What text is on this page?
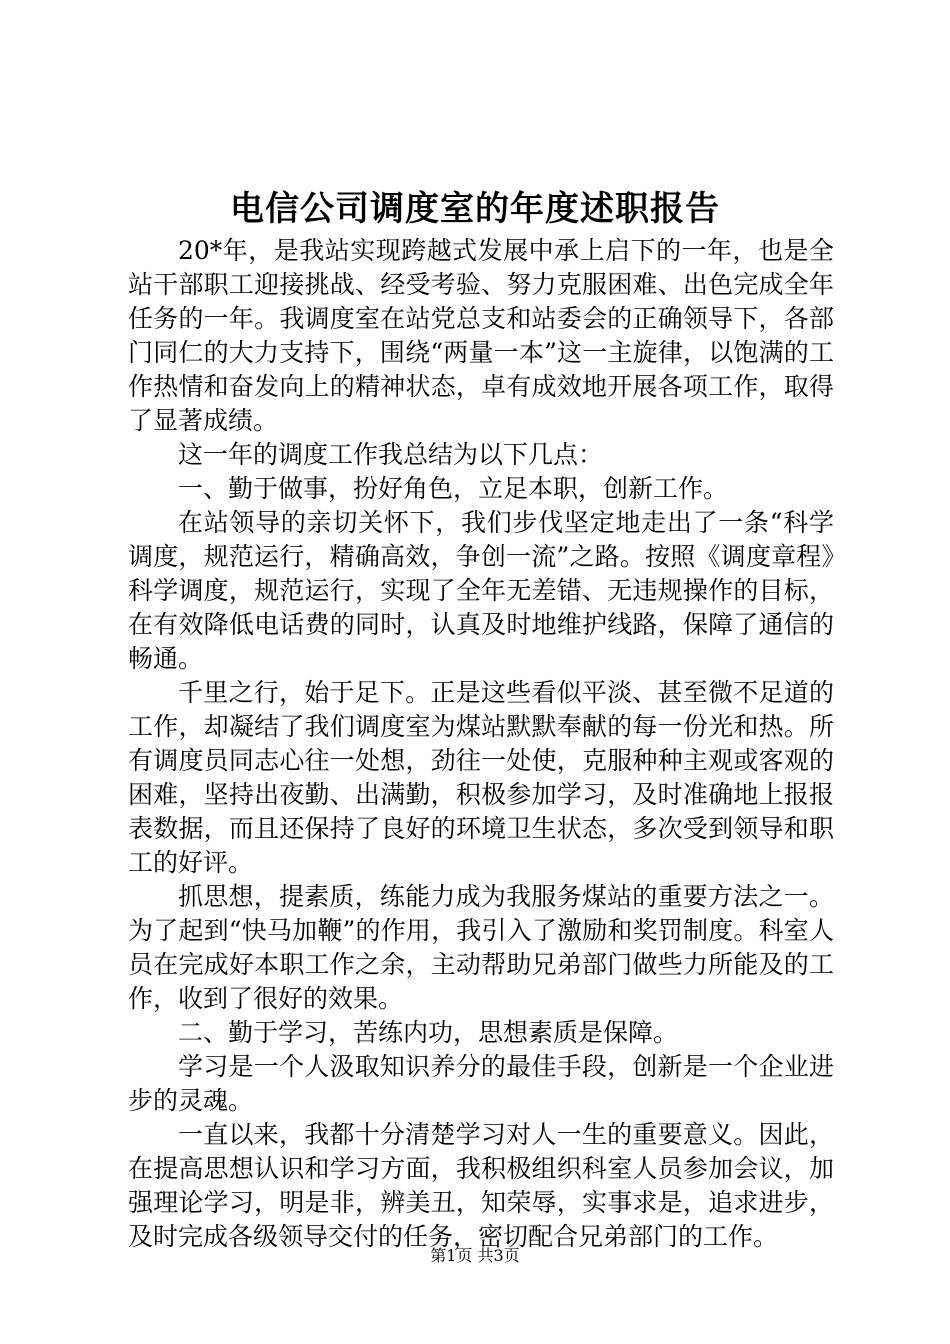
电信公司调度室的年度述职报告

20*年，是我站实现跨越式发展中承上启下的一年，也是全站干部职工迎接挑战、经受考验、努力克服困难、出色完成全年任务的一年。我调度室在站党总支和站委会的正确领导下，各部门同仁的大力支持下，围绕“两量一本”这一主旋律，以饱满的工作热情和奋发向上的精神状态，卓有成效地开展各项工作，取得了显著成绩。

这一年的调度工作我总结为以下几点：

一、勤于做事，扮好角色，立足本职，创新工作。

在站领导的亲切关怀下，我们步伐坚定地走出了一条“科学调度，规范运行，精确高效，争创一流”之路。按照《调度章程》科学调度，规范运行，实现了全年无差错、无违规操作的目标，在有效降低电话费的同时，认真及时地维护线路，保障了通信的畅通。

千里之行，始于足下。正是这些看似平淡、甚至微不足道的工作，却凝结了我们调度室为煤站默默奉献的每一份光和热。所有调度员同志心往一处想，劲往一处使，克服种种主观或客观的困难，坚持出夜勤、出满勤，积极参加学习，及时准确地上报报表数据，而且还保持了良好的环境卫生状态，多次受到领导和职工的好评。

抓思想，提素质，练能力成为我服务煤站的重要方法之一。为了起到“快马加鞭”的作用，我引入了激励和奖罚制度。科室人员在完成好本职工作之余，主动帮助兄弟部门做些力所能及的工作，收到了很好的效果。

二、勤于学习，苦练内功，思想素质是保障。

学习是一个人汲取知识养分的最佳手段，创新是一个企业进步的灵魂。

一直以来，我都十分清楚学习对人一生的重要意义。因此，在提高思想认识和学习方面，我积极组织科室人员参加会议，加强理论学习，明是非，辨美丑，知荣辱，实事求是，追求进步，及时完成各级领导交付的任务，密切配合兄弟部门的工作。

第1页 共3页
